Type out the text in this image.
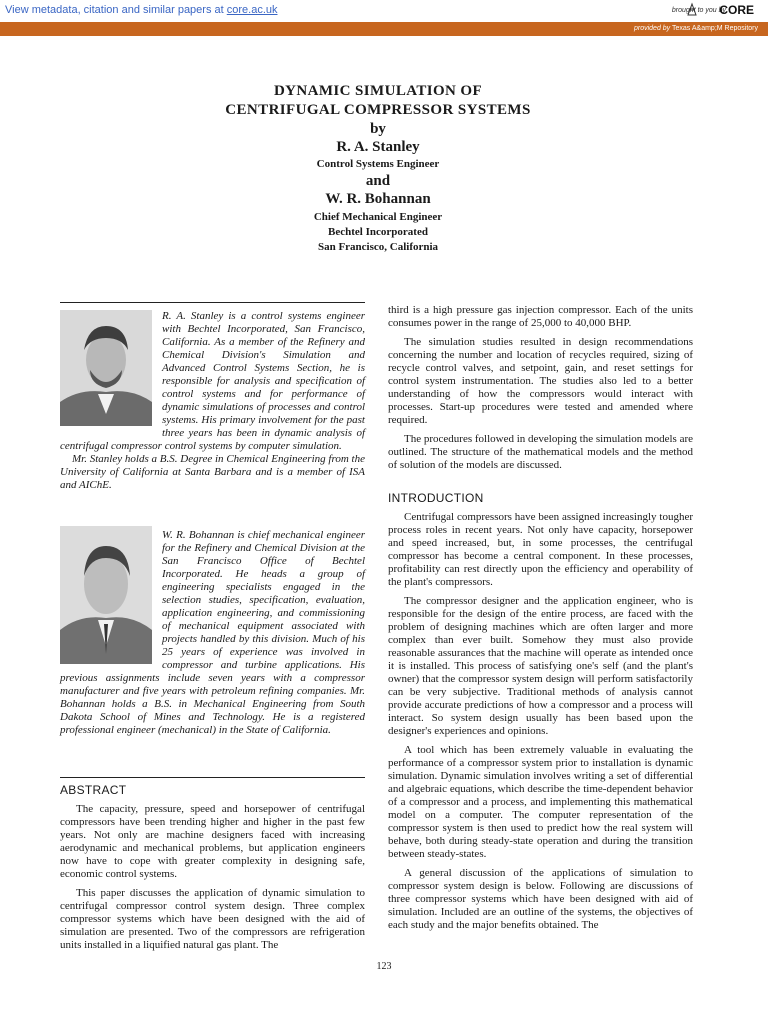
View metadata, citation and similar papers at core.ac.uk	brought to you by
CORE
provided by Texas A&amp;M Repository
DYNAMIC SIMULATION OF
CENTRIFUGAL COMPRESSOR SYSTEMS
by
R. A. Stanley
Control Systems Engineer
and
W. R. Bohannan
Chief Mechanical Engineer
Bechtel Incorporated
San Francisco, California
R. A. Stanley is a control systems engineer with Bechtel Incorporated, San Francisco, California. As a member of the Refinery and Chemical Division's Simulation and Advanced Control Systems Section, he is responsible for analysis and specification of control systems and for performance of dynamic simulations of processes and control systems. His primary involvement for the past three years has been in dynamic analysis of centrifugal compressor control systems by computer simulation.
Mr. Stanley holds a B.S. Degree in Chemical Engineering from the University of California at Santa Barbara and is a member of ISA and AIChE.
W. R. Bohannan is chief mechanical engineer for the Refinery and Chemical Division at the San Francisco Office of Bechtel Incorporated. He heads a group of engineering specialists engaged in the selection studies, specification, evaluation, application engineering, and commissioning of mechanical equipment associated with projects handled by this division. Much of his 25 years of experience was involved in compressor and turbine applications. His previous assignments include seven years with a compressor manufacturer and five years with petroleum refining companies. Mr. Bohannan holds a B.S. in Mechanical Engineering from South Dakota School of Mines and Technology. He is a registered professional engineer (mechanical) in the State of California.
ABSTRACT

The capacity, pressure, speed and horsepower of centrifugal compressors have been trending higher and higher in the past few years. Not only are machine designers faced with increasing aerodynamic and mechanical problems, but application engineers now have to cope with greater complexity in designing safe, economic control systems.

This paper discusses the application of dynamic simulation to centrifugal compressor control system design. Three complex compressor systems which have been designed with the aid of simulation are presented. Two of the compressors are refrigeration units installed in a liquified natural gas plant. The

third is a high pressure gas injection compressor. Each of the units consumes power in the range of 25,000 to 40,000 BHP.

The simulation studies resulted in design recommendations concerning the number and location of recycles required, sizing of recycle control valves, and setpoint, gain, and reset settings for control system instrumentation. The studies also led to a better understanding of how the compressors would interact with processes. Start-up procedures were tested and amended where required.

The procedures followed in developing the simulation models are outlined. The structure of the mathematical models and the method of solution of the models are discussed.

INTRODUCTION

Centrifugal compressors have been assigned increasingly tougher process roles in recent years. Not only have capacity, horsepower and speed increased, but, in some processes, the centrifugal compressor has become a central component. In these processes, profitability can rest directly upon the efficiency and operability of the plant's compressors.

The compressor designer and the application engineer, who is responsible for the design of the entire process, are faced with the problem of designing machines which are often larger and more complex than ever built. Somehow they must also provide reasonable assurances that the machine will operate as intended once it is installed. This process of satisfying one's self (and the plant's owner) that the compressor system design will perform satisfactorily can be very subjective. Traditional methods of analysis cannot provide accurate predictions of how a compressor and a process will interact. So system design usually has been based upon the designer's experiences and opinions.

A tool which has been extremely valuable in evaluating the performance of a compressor system prior to installation is dynamic simulation. Dynamic simulation involves writing a set of differential and algebraic equations, which describe the time-dependent behavior of a compressor and a process, and implementing this mathematical model on a computer. The computer representation of the compressor system is then used to predict how the real system will behave, both during steady-state operation and during the transition between steady-states.

A general discussion of the applications of simulation to compressor system design is below. Following are discussions of three compressor systems which have been designed with aid of simulation. Included are an outline of the systems, the objectives of each study and the major benefits obtained. The

123
